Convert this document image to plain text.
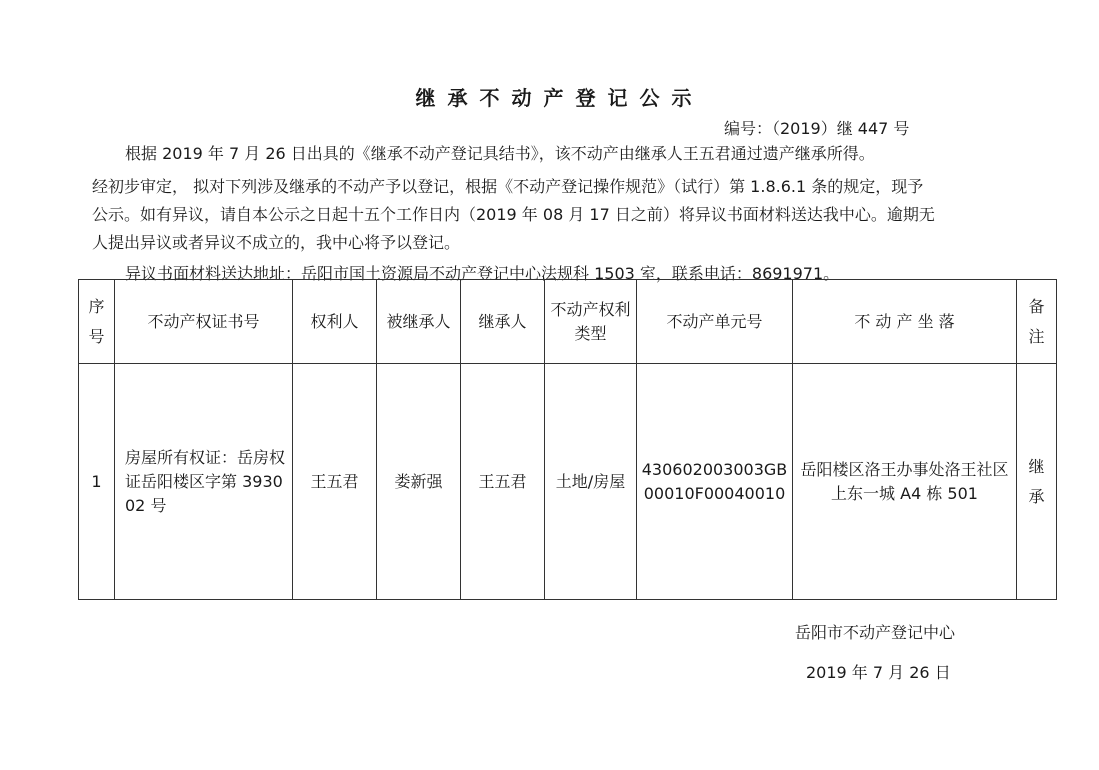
继承不动产登记公示
编号：（2019）继 447 号
根据 2019 年 7 月 26 日出具的《继承不动产登记具结书》，该不动产由继承人王五君通过遗产继承所得。
经初步审定， 拟对下列涉及继承的不动产予以登记，根据《不动产登记操作规范》（试行）第 1.8.6.1 条的规定，现予
公示。如有异议，请自本公示之日起十五个工作日内（2019 年 08 月 17 日之前）将异议书面材料送达我中心。逾期无
人提出异议或者异议不成立的，我中心将予以登记。
异议书面材料送达地址：岳阳市国土资源局不动产登记中心法规科 1503 室，联系电话：8691971。
序号	不动产权证书号	权利人	被继承人	继承人	不动产权利类型	不动产单元号	不 动 产 坐 落	备注
1	房屋所有权证：岳房权证岳阳楼区字第 393002 号	王五君	娄新强	王五君	土地/房屋	430602003003GB00010F00040010	岳阳楼区洛王办事处洛王社区上东一城 A4 栋 501	继承
岳阳市不动产登记中心
2019 年 7 月 26 日
